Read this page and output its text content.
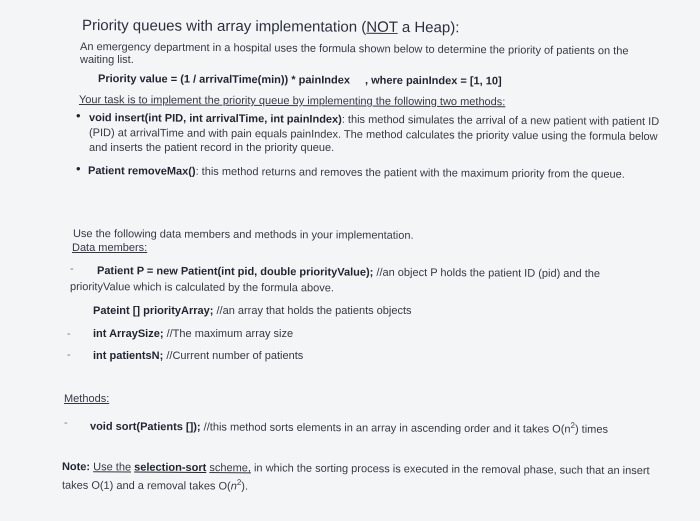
Priority queues with array implementation (NOT a Heap):
An emergency department in a hospital uses the formula shown below to determine the priority of patients on the
waiting list.
Priority value = (1 / arrivalTime(min)) * painIndex , where painIndex = [1, 10]
Your task is to implement the priority queue by implementing the following two methods:
• void insert(int PID, int arrivalTime, int painIndex): this method simulates the arrival of a new patient with patient ID
(PID) at arrivalTime and with pain equals painIndex. The method calculates the priority value using the formula below
and inserts the patient record in the priority queue.
• Patient removeMax(): this method returns and removes the patient with the maximum priority from the queue.
Use the following data members and methods in your implementation.
Data members:
- Patient P = new Patient(int pid, double priorityValue); //an object P holds the patient ID (pid) and the
priorityValue which is calculated by the formula above.
Pateint [] priorityArray; //an array that holds the patients objects
- int ArraySize; //The maximum array size
- int patientsN; //Current number of patients
Methods:
- void sort(Patients []); //this method sorts elements in an array in ascending order and it takes $O(n^2)$ times
Note: Use the selection-sort scheme, in which the sorting process is executed in the removal phase, such that an insert
takes O(1) and a removal takes $O(n^2)$.
